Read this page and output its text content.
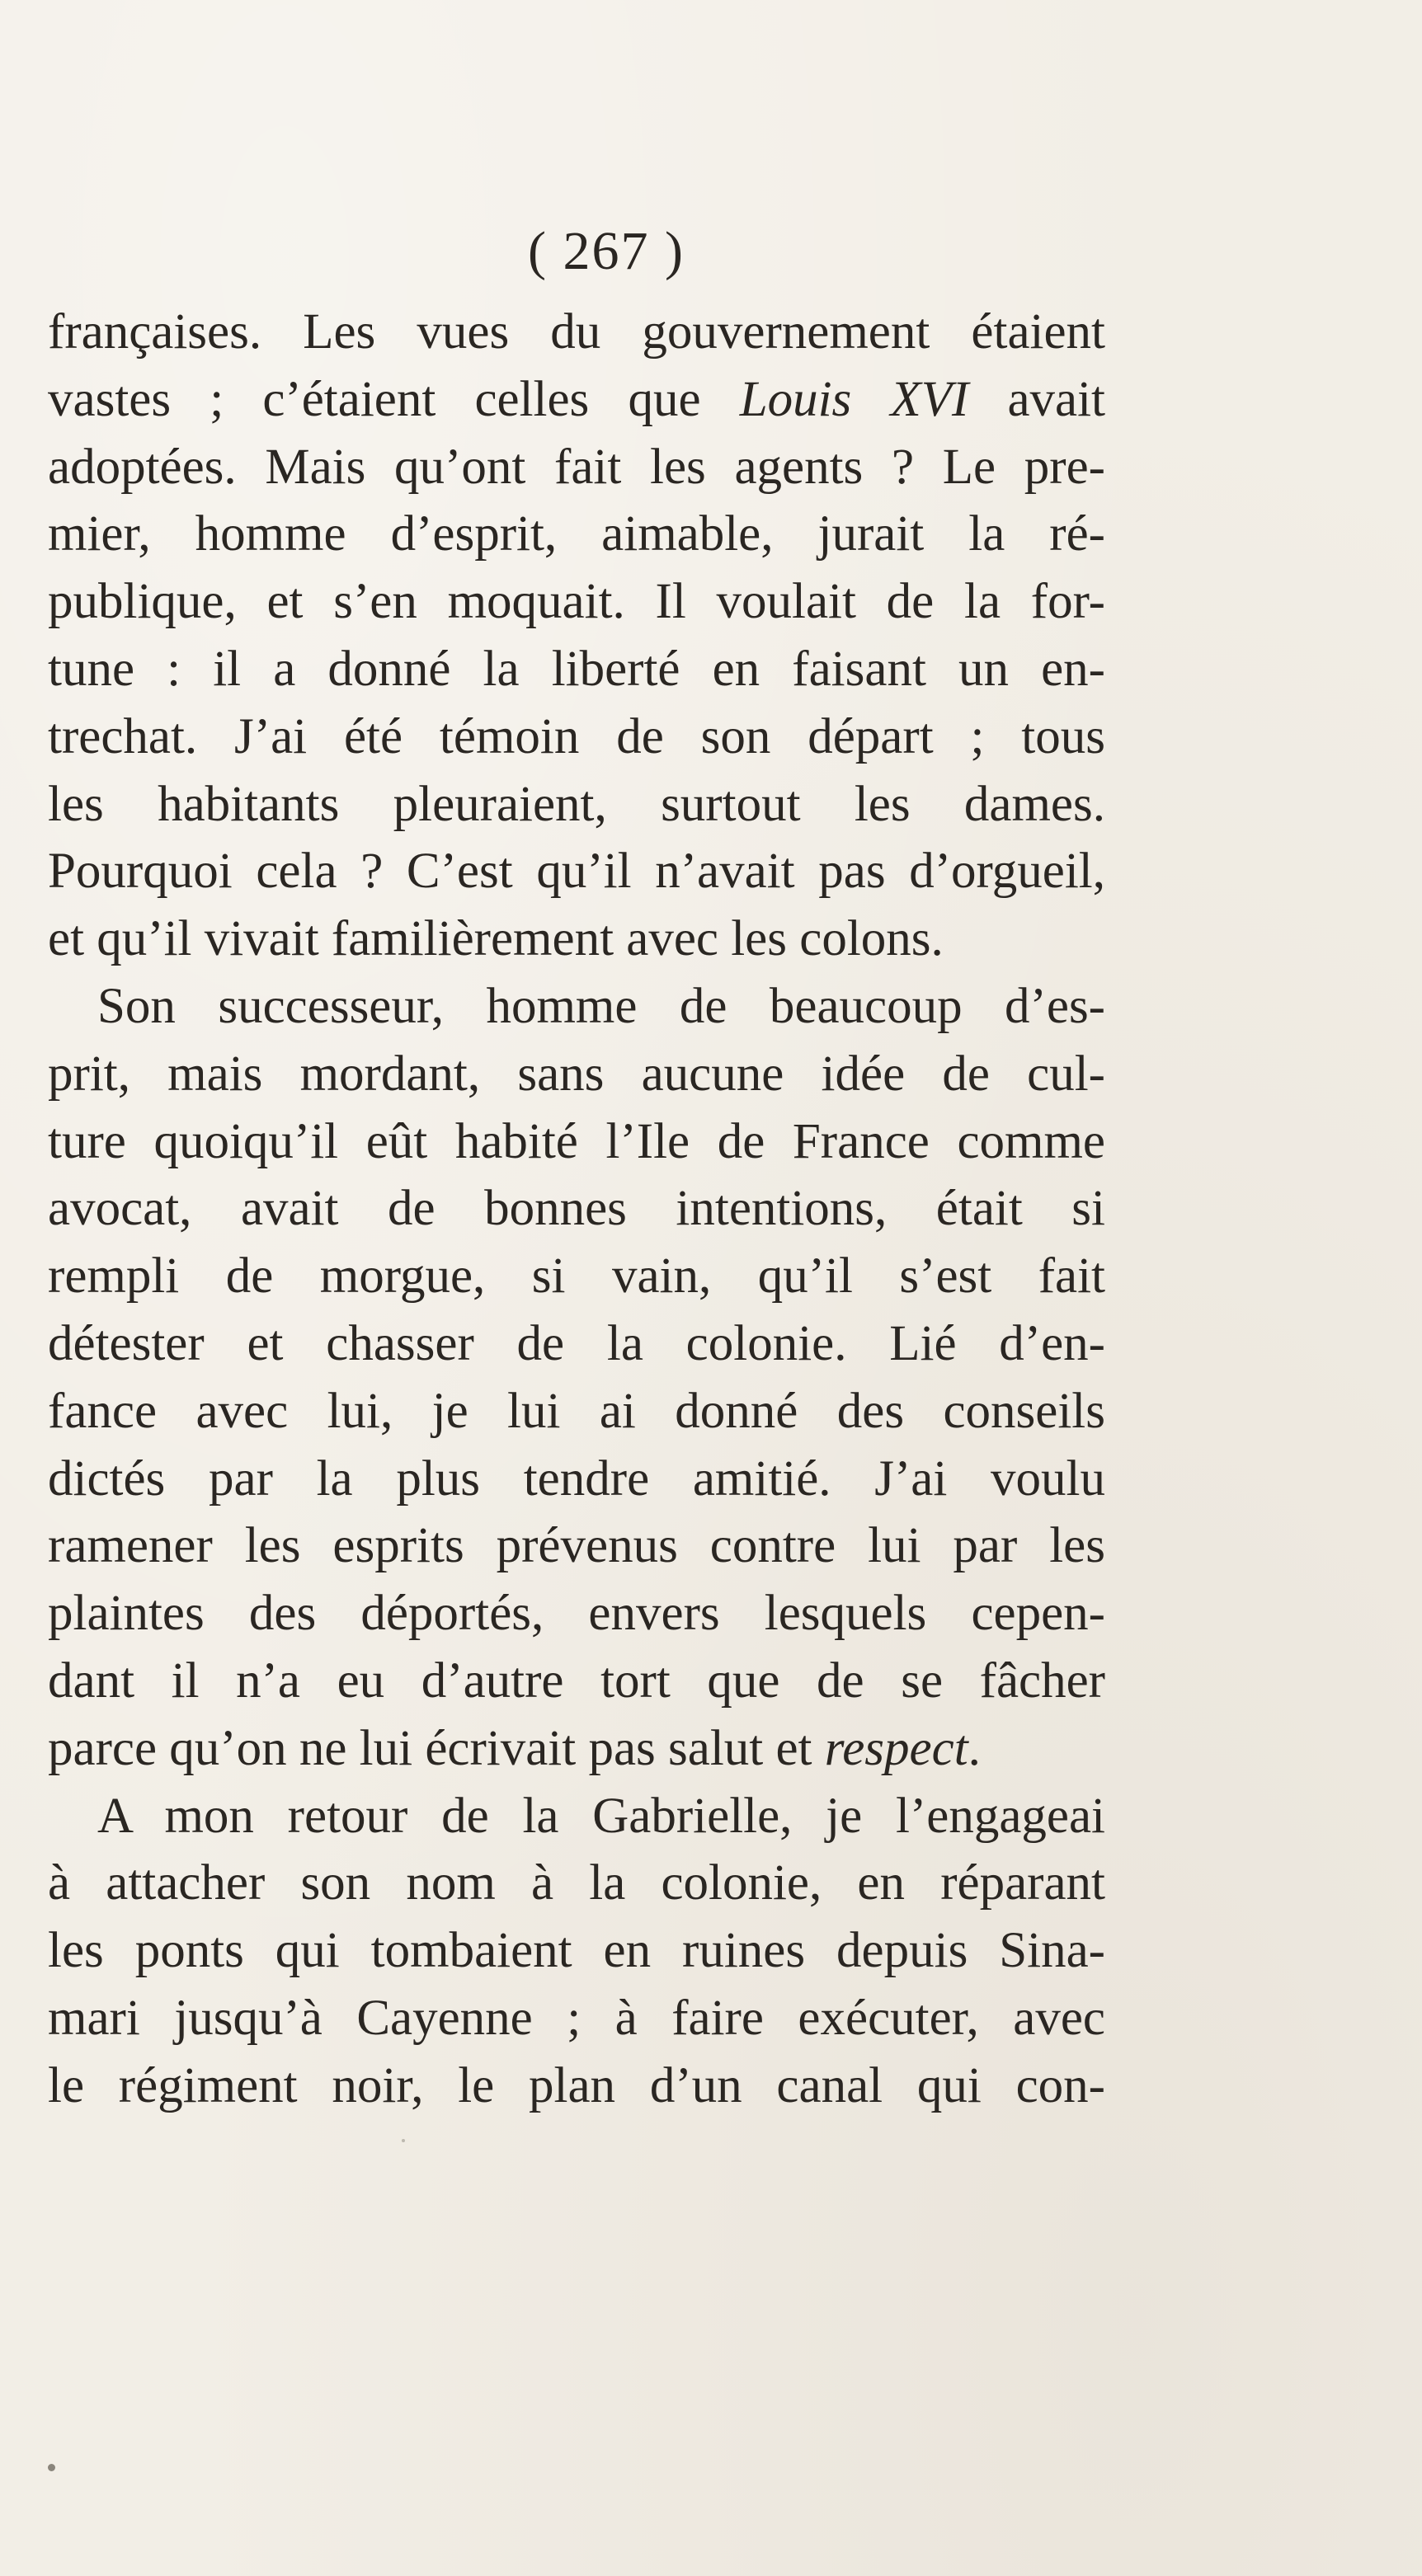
( 267 )
françaises. Les vues du gouvernement étaient
vastes ; c’étaient celles que Louis XVI avait
adoptées. Mais qu’ont fait les agents ? Le pre-
mier, homme d’esprit, aimable, jurait la ré-
publique, et s’en moquait. Il voulait de la for-
tune : il a donné la liberté en faisant un en-
trechat. J’ai été témoin de son départ ; tous
les habitants pleuraient, surtout les dames.
Pourquoi cela ? C’est qu’il n’avait pas d’orgueil,
et qu’il vivait familièrement avec les colons.
Son successeur, homme de beaucoup d’es-
prit, mais mordant, sans aucune idée de cul-
ture quoiqu’il eût habité l’Ile de France comme
avocat, avait de bonnes intentions, était si
rempli de morgue, si vain, qu’il s’est fait
détester et chasser de la colonie. Lié d’en-
fance avec lui, je lui ai donné des conseils
dictés par la plus tendre amitié. J’ai voulu
ramener les esprits prévenus contre lui par les
plaintes des déportés, envers lesquels cepen-
dant il n’a eu d’autre tort que de se fâcher
parce qu’on ne lui écrivait pas salut et respect.
A mon retour de la Gabrielle, je l’engageai
à attacher son nom à la colonie, en réparant
les ponts qui tombaient en ruines depuis Sina-
mari jusqu’à Cayenne ; à faire exécuter, avec
le régiment noir, le plan d’un canal qui con-
